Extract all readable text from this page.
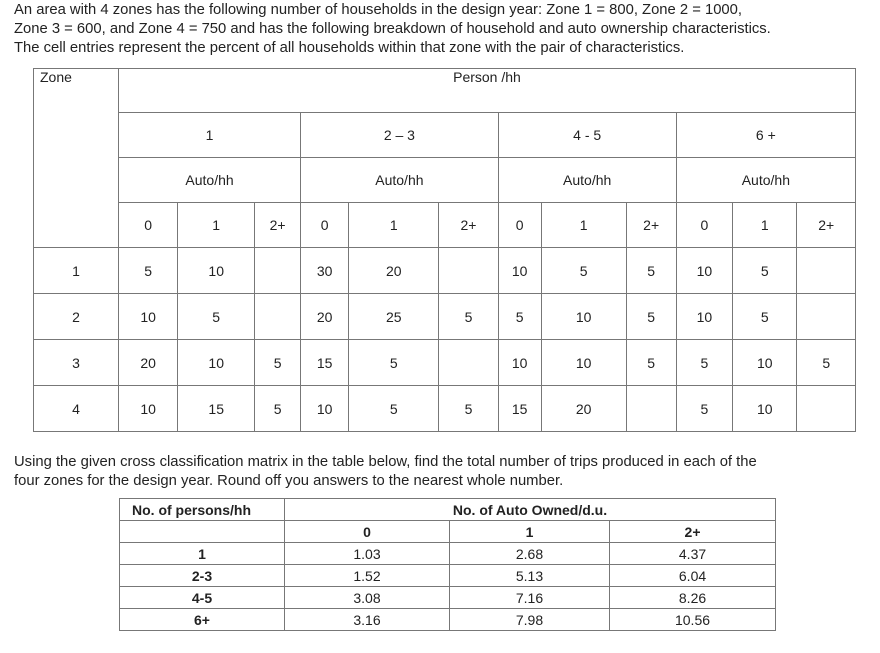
An area with 4 zones has the following number of households in the design year: Zone 1 = 800, Zone 2 = 1000,
Zone 3 = 600, and Zone 4 = 750 and has the following breakdown of household and auto ownership characteristics.
The cell entries represent the percent of all households within that zone with the pair of characteristics.

Zone	Person /hh											
	1			2 – 3			4 - 5			6 +		
	Auto/hh			Auto/hh			Auto/hh			Auto/hh		
	0	1	2+	0	1	2+	0	1	2+	0	1	2+
1	5	10		30	20		10	5	5	10	5	
2	10	5		20	25	5	5	10	5	10	5	
3	20	10	5	15	5		10	10	5	5	10	5
4	10	15	5	10	5	5	15	20		5	10	

Using the given cross classification matrix in the table below, find the total number of trips produced in each of the
four zones for the design year. Round off you answers to the nearest whole number.

No. of persons/hh	No. of Auto Owned/d.u.		
	0	1	2+
1	1.03	2.68	4.37
2-3	1.52	5.13	6.04
4-5	3.08	7.16	8.26
6+	3.16	7.98	10.56
